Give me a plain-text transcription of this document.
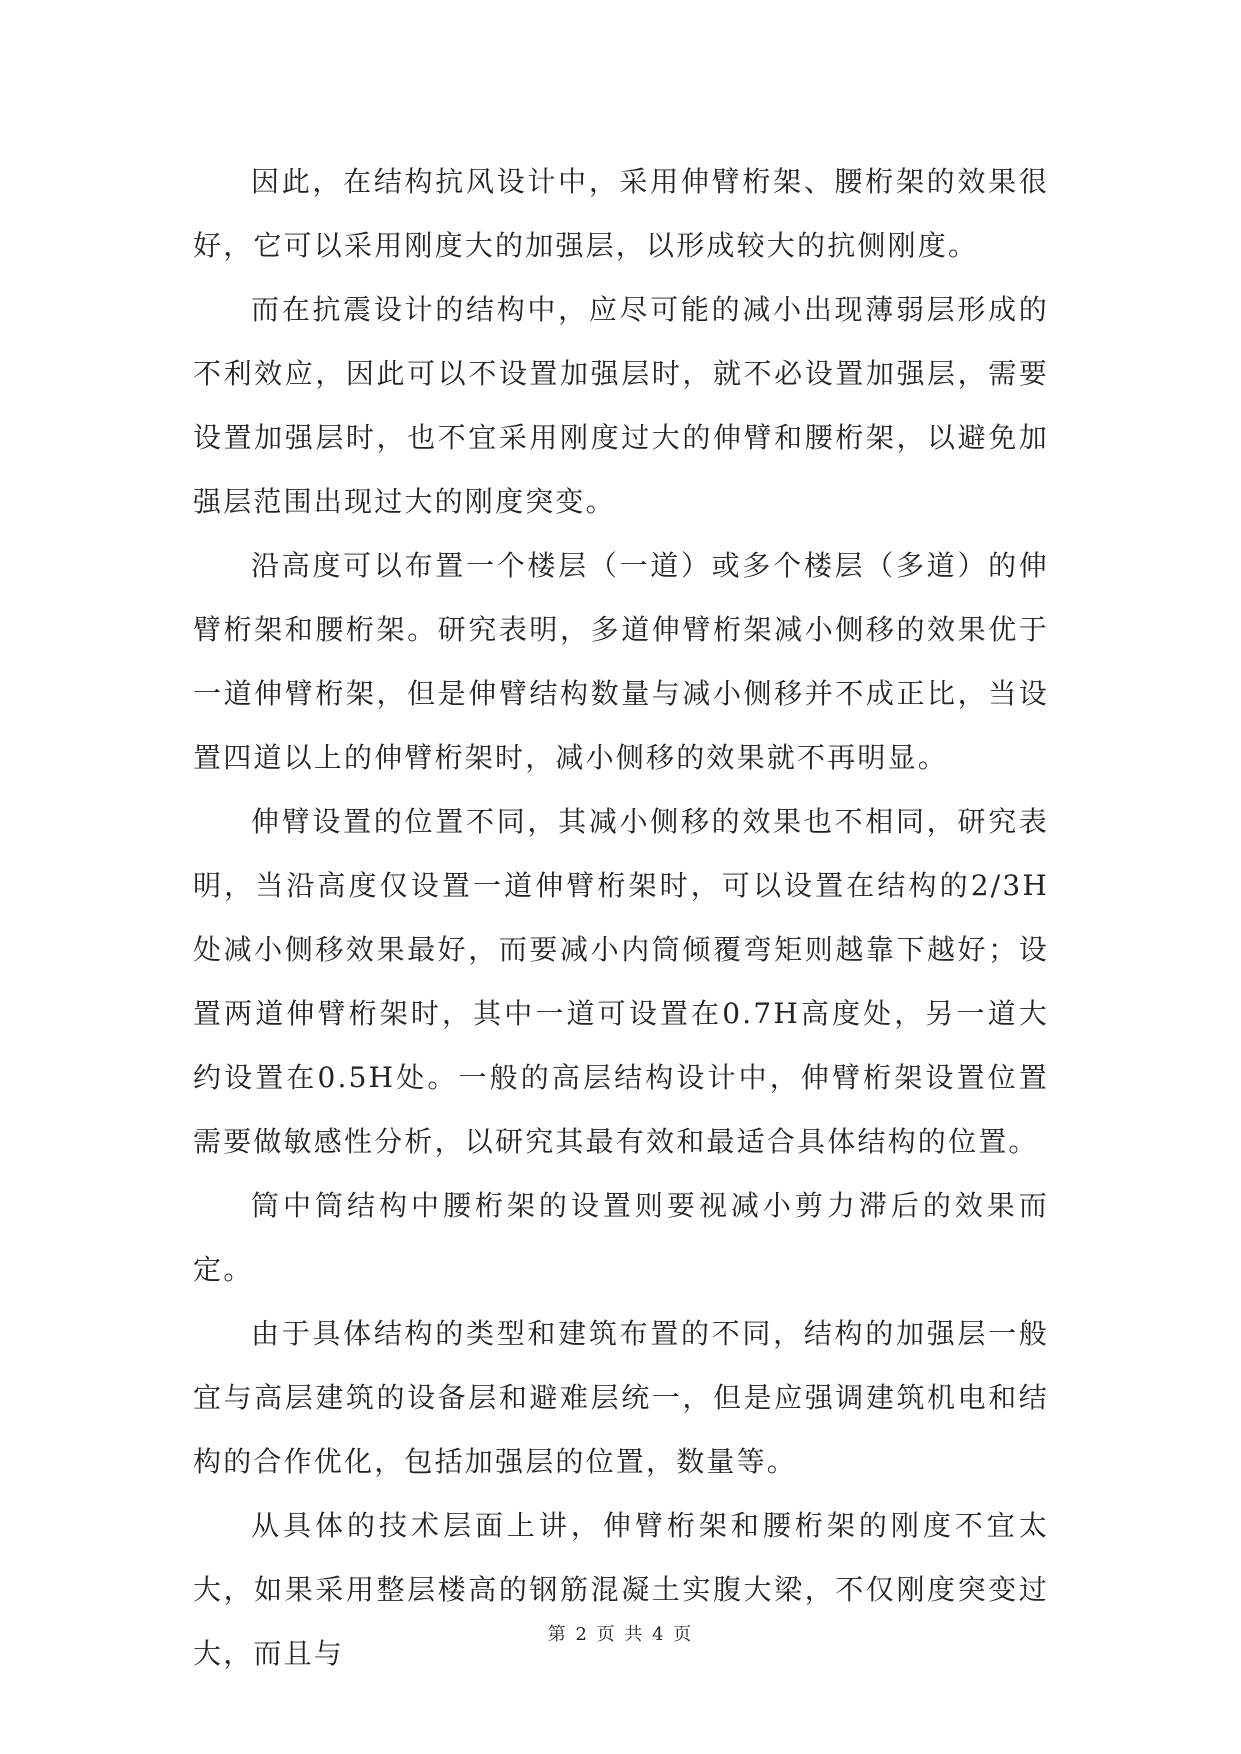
因此，在结构抗风设计中，采用伸臂桁架、腰桁架的效果很好，它可以采用刚度大的加强层，以形成较大的抗侧刚度。

而在抗震设计的结构中，应尽可能的减小出现薄弱层形成的不利效应，因此可以不设置加强层时，就不必设置加强层，需要设置加强层时，也不宜采用刚度过大的伸臂和腰桁架，以避免加强层范围出现过大的刚度突变。

沿高度可以布置一个楼层（一道）或多个楼层（多道）的伸臂桁架和腰桁架。研究表明，多道伸臂桁架减小侧移的效果优于一道伸臂桁架，但是伸臂结构数量与减小侧移并不成正比，当设置四道以上的伸臂桁架时，减小侧移的效果就不再明显。

伸臂设置的位置不同，其减小侧移的效果也不相同，研究表明，当沿高度仅设置一道伸臂桁架时，可以设置在结构的2/3H处减小侧移效果最好，而要减小内筒倾覆弯矩则越靠下越好；设置两道伸臂桁架时，其中一道可设置在0.7H高度处，另一道大约设置在0.5H处。一般的高层结构设计中，伸臂桁架设置位置需要做敏感性分析，以研究其最有效和最适合具体结构的位置。

筒中筒结构中腰桁架的设置则要视减小剪力滞后的效果而定。

由于具体结构的类型和建筑布置的不同，结构的加强层一般宜与高层建筑的设备层和避难层统一，但是应强调建筑机电和结构的合作优化，包括加强层的位置，数量等。

从具体的技术层面上讲，伸臂桁架和腰桁架的刚度不宜太大，如果采用整层楼高的钢筋混凝土实腹大梁，不仅刚度突变过大，而且与

第 2 页 共 4 页
